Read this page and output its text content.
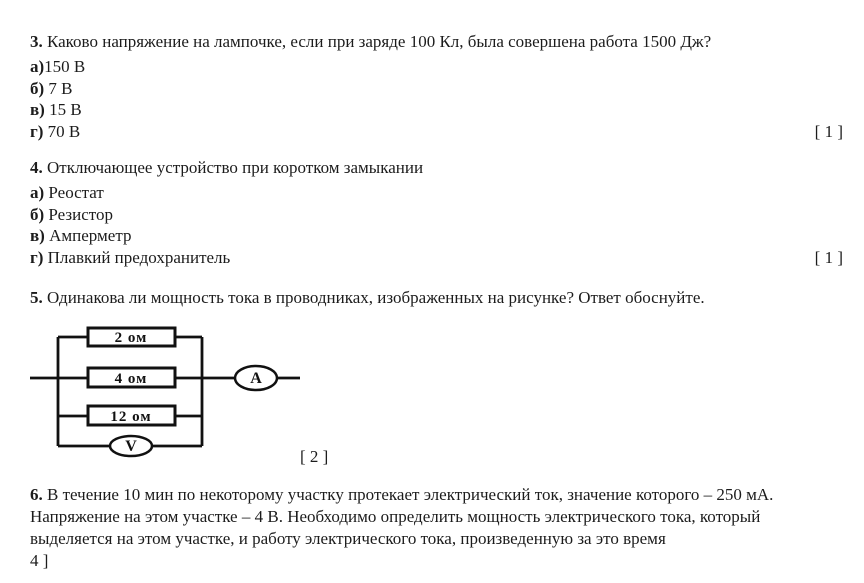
3. Каково напряжение на лампочке, если при заряде 100 Кл, была совершена работа 1500 Дж?
а)150 В
б) 7 В
в) 15 В
г) 70 В	[ 1 ]
4. Отключающее устройство при коротком замыкании
а) Реостат
б) Резистор
в) Амперметр
г) Плавкий предохранитель	[ 1 ]
5. Одинакова ли мощность тока в проводниках, изображенных на рисунке? Ответ обоснуйте.
2 ом
4 ом
12 ом
V
A
[ 2 ]
6. В течение 10 мин по некоторому участку протекает электрический ток, значение которого – 250 мА.
Напряжение на этом участке – 4 В. Необходимо определить мощность электрического тока, который
выделяется на этом участке, и работу электрического тока, произведенную за это время
4 ]
